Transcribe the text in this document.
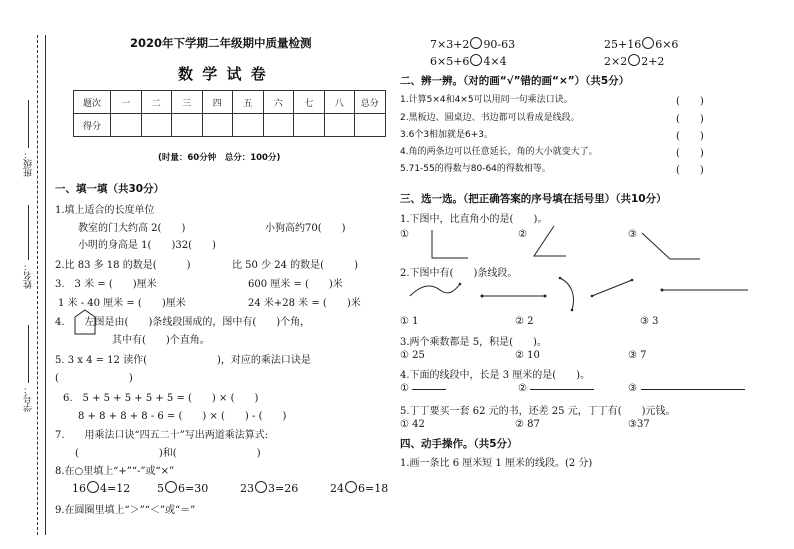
班级：
姓名：
学号：
2020年下学期二年级期中质量检测
数 学 试 卷
题次	一	二	三	四	五	六	七	八	总分
得分									
(时量：60分钟　总分：100分)
一、填一填（共30分）
1.填上适合的长度单位
教室的门大约高 2(　　)	小狗高约70(　　)
小明的身高是 1(　　)32(　　)
2.比 83 多 18 的数是(　　　)	比 50 少 24 的数是(　　　)
3.　3 米 = (　　)厘米	600 厘米 = (　　)米
1 米 - 40 厘米 = (　　)厘米	24 米+28 米 = (　　)米
4.　　左图是由(　　)条线段围成的，图中有(　　)个角，
其中有(　　)个直角。
5. 3 x 4 = 12 读作(　　　　　　　)，对应的乘法口诀是
(　　　　　　　)
6.　5 + 5 + 5 + 5 + 5 = (　　) × (　　)
8 + 8 + 8 + 8 - 6 = (　　) × (　　) - (　　)
7.　　用乘法口诀“四五二十”写出两道乘法算式:
(　　　　　　　　)和(　　　　　　　　)
8.在○里填上“+”“-”或“×”
16 4=12 5 6=30	23 3=26	24 6=18
9.在圆圈里填上“＞”“＜”或“＝”
7×3+2 90-63	25+16 6×6
6×5+6 4×4	2×2 2+2
二、辨一辨。（对的画“√”错的画“×”）（共5分）
1.计算5×4和4×5可以用同一句乘法口诀。	(　　)
2.黑板边、圆桌边、书边都可以看成是线段。	(　　)
3.6个3相加就是6+3。	(　　)
4.角的两条边可以任意延长，角的大小就变大了。	(　　)
5.71-55的得数与80-64的得数相等。	(　　)
三、选一选。（把正确答案的序号填在括号里）（共10分）
1.下图中，比直角小的是(　　)。
①	②	③
2.下图中有(　　)条线段。
① 1	② 2	③ 3
3.两个乘数都是 5，积是(　　)。
① 25	② 10	③ 7
4.下面的线段中，长是 3 厘米的是(　　)。
①	②	③
5.丁丁要买一套 62 元的书，还差 25 元，丁丁有(　　)元钱。
① 42	② 87	③37
四、动手操作。（共5分）
1.画一条比 6 厘米短 1 厘米的线段。(2 分)
